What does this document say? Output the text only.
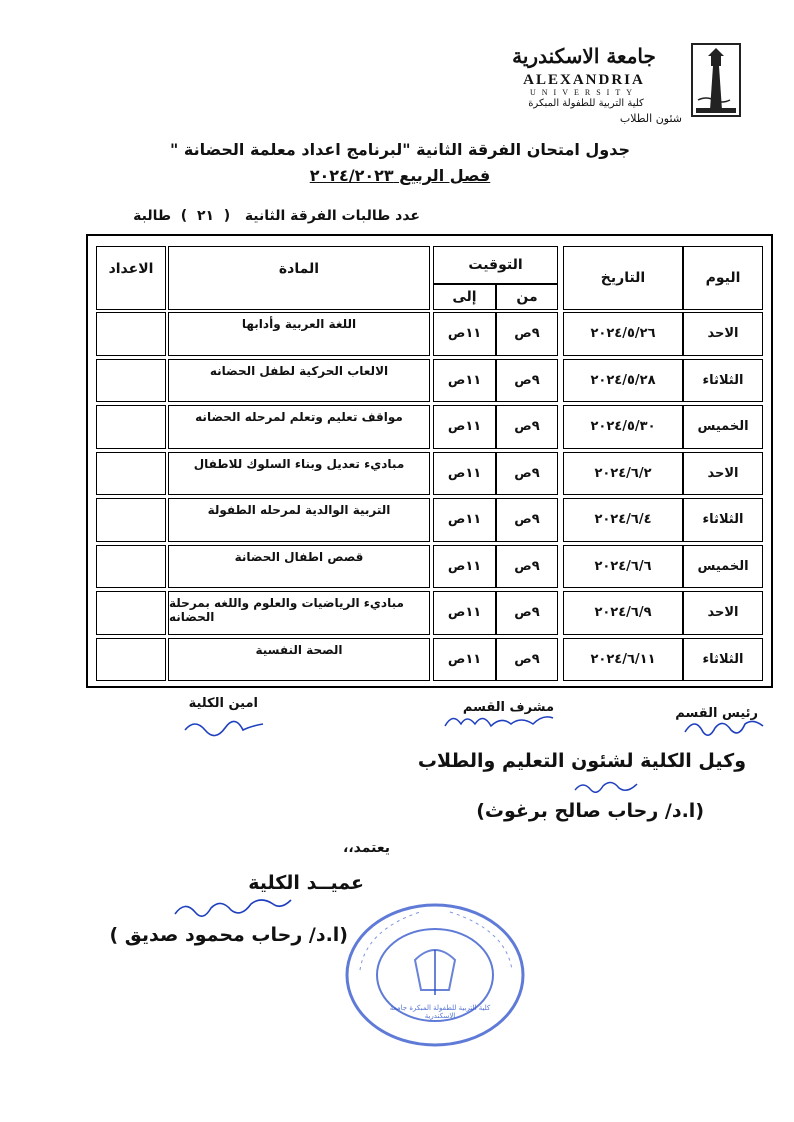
جامعة الاسكندرية
ALEXANDRIA
UNIVERSITY
كلية التربية للطفولة المبكرة
شئون الطلاب
جدول امتحان الفرقة الثانية "لبرنامج اعداد معلمة الحضانة "
فصل الربيع ٢٠٢٤/٢٠٢٣
عدد طالبات الفرقة الثانية   (  ٢١  )  طالبة
اليوم
التاريخ
التوقيت
من
إلى
المادة
الاعداد
الاحد
٢٠٢٤/٥/٢٦
٩ص
١١ص
اللغة العربية وأدابها
الثلاثاء
٢٠٢٤/٥/٢٨
٩ص
١١ص
الالعاب الحركية لطفل الحضانه
الخميس
٢٠٢٤/٥/٣٠
٩ص
١١ص
مواقف تعليم وتعلم لمرحله الحضانه
الاحد
٢٠٢٤/٦/٢
٩ص
١١ص
مباديء تعديل وبناء السلوك للاطفال
الثلاثاء
٢٠٢٤/٦/٤
٩ص
١١ص
التربية الوالدية لمرحله الطفولة
الخميس
٢٠٢٤/٦/٦
٩ص
١١ص
قصص اطفال الحضانة
الاحد
٢٠٢٤/٦/٩
٩ص
١١ص
مباديء الرياضيات والعلوم واللغه بمرحلة الحضانه
الثلاثاء
٢٠٢٤/٦/١١
٩ص
١١ص
الصحة النفسية
رئيس القسم
مشرف القسم
امين الكلية
وكيل الكلية لشئون التعليم والطلاب
(ا.د/ رحاب صالح برغوث)
يعتمد،،
عميــد الكلية
(ا.د/ رحاب محمود صديق )
كلية التربية للطفولة المبكرة جامعة الاسكندرية
